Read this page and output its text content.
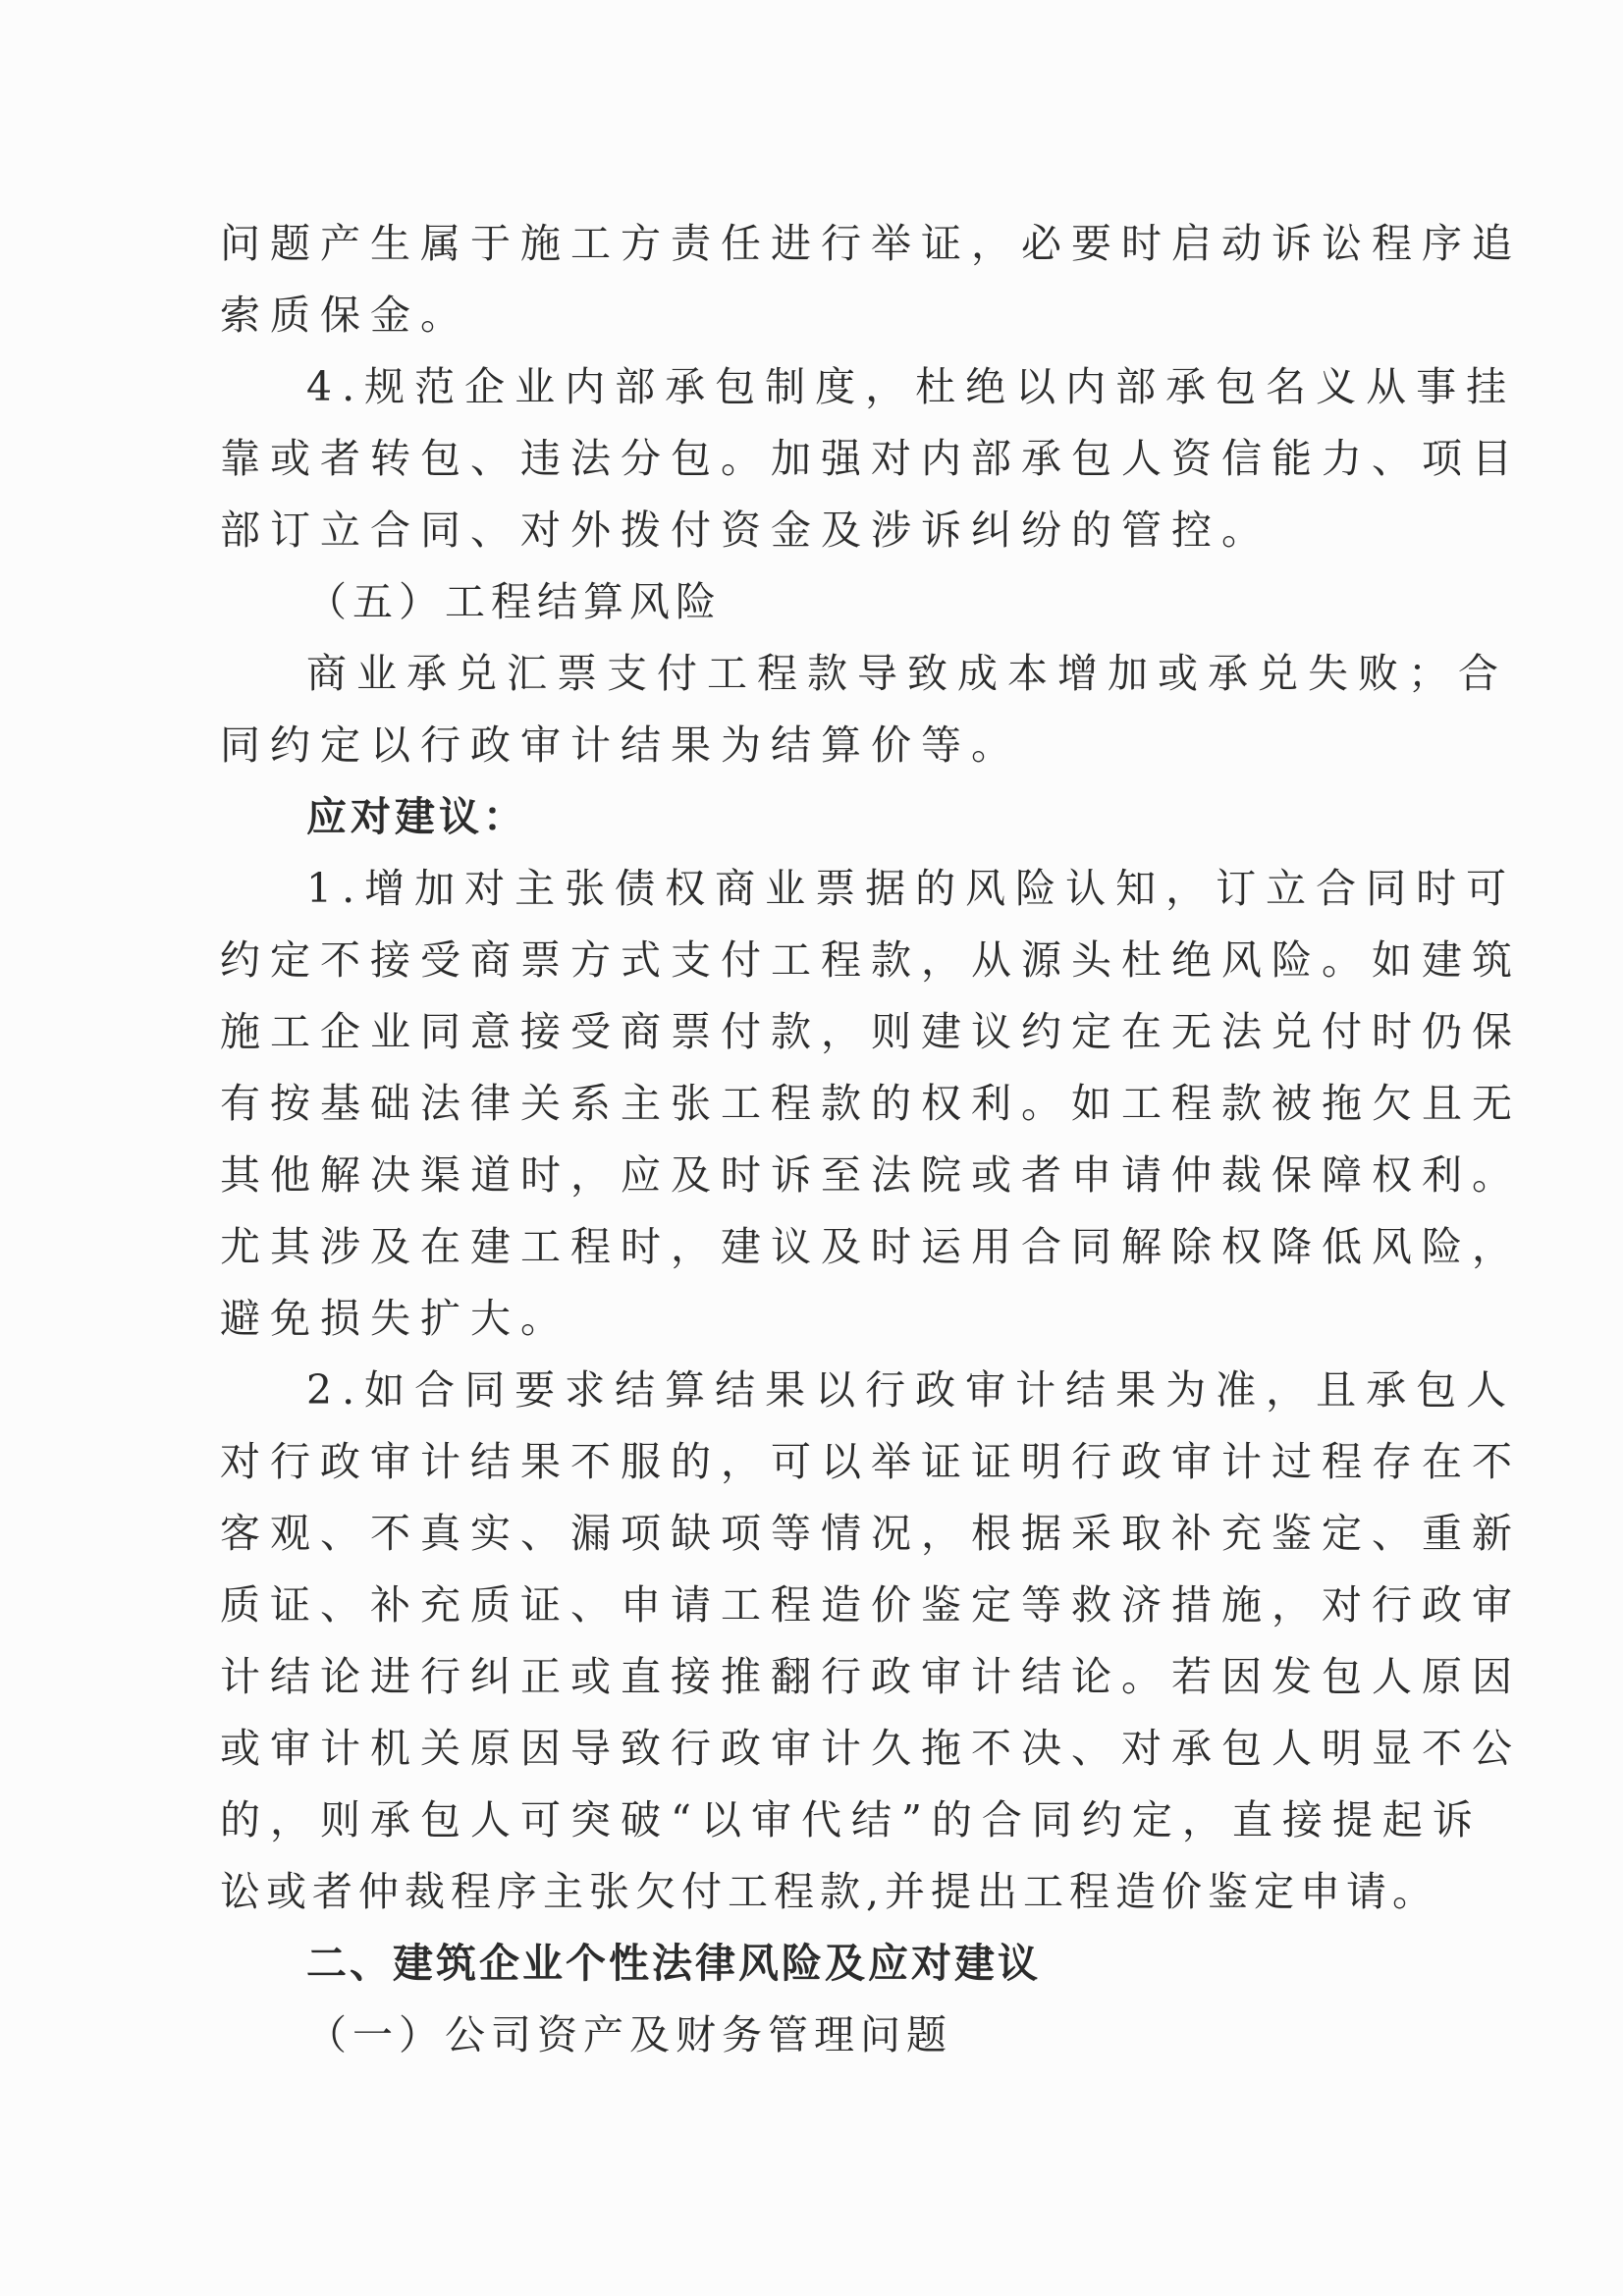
问题产生属于施工方责任进行举证，必要时启动诉讼程序追
索质保金。
4.规范企业内部承包制度，杜绝以内部承包名义从事挂
靠或者转包、违法分包。加强对内部承包人资信能力、项目
部订立合同、对外拨付资金及涉诉纠纷的管控。
（五）工程结算风险
商业承兑汇票支付工程款导致成本增加或承兑失败；合
同约定以行政审计结果为结算价等。
应对建议：
1.增加对主张债权商业票据的风险认知，订立合同时可
约定不接受商票方式支付工程款，从源头杜绝风险。如建筑
施工企业同意接受商票付款，则建议约定在无法兑付时仍保
有按基础法律关系主张工程款的权利。如工程款被拖欠且无
其他解决渠道时，应及时诉至法院或者申请仲裁保障权利。
尤其涉及在建工程时，建议及时运用合同解除权降低风险，
避免损失扩大。
2.如合同要求结算结果以行政审计结果为准，且承包人
对行政审计结果不服的，可以举证证明行政审计过程存在不
客观、不真实、漏项缺项等情况，根据采取补充鉴定、重新
质证、补充质证、申请工程造价鉴定等救济措施，对行政审
计结论进行纠正或直接推翻行政审计结论。若因发包人原因
或审计机关原因导致行政审计久拖不决、对承包人明显不公
的，则承包人可突破“以审代结”的合同约定，直接提起诉
讼或者仲裁程序主张欠付工程款,并提出工程造价鉴定申请。
二、建筑企业个性法律风险及应对建议
（一）公司资产及财务管理问题
